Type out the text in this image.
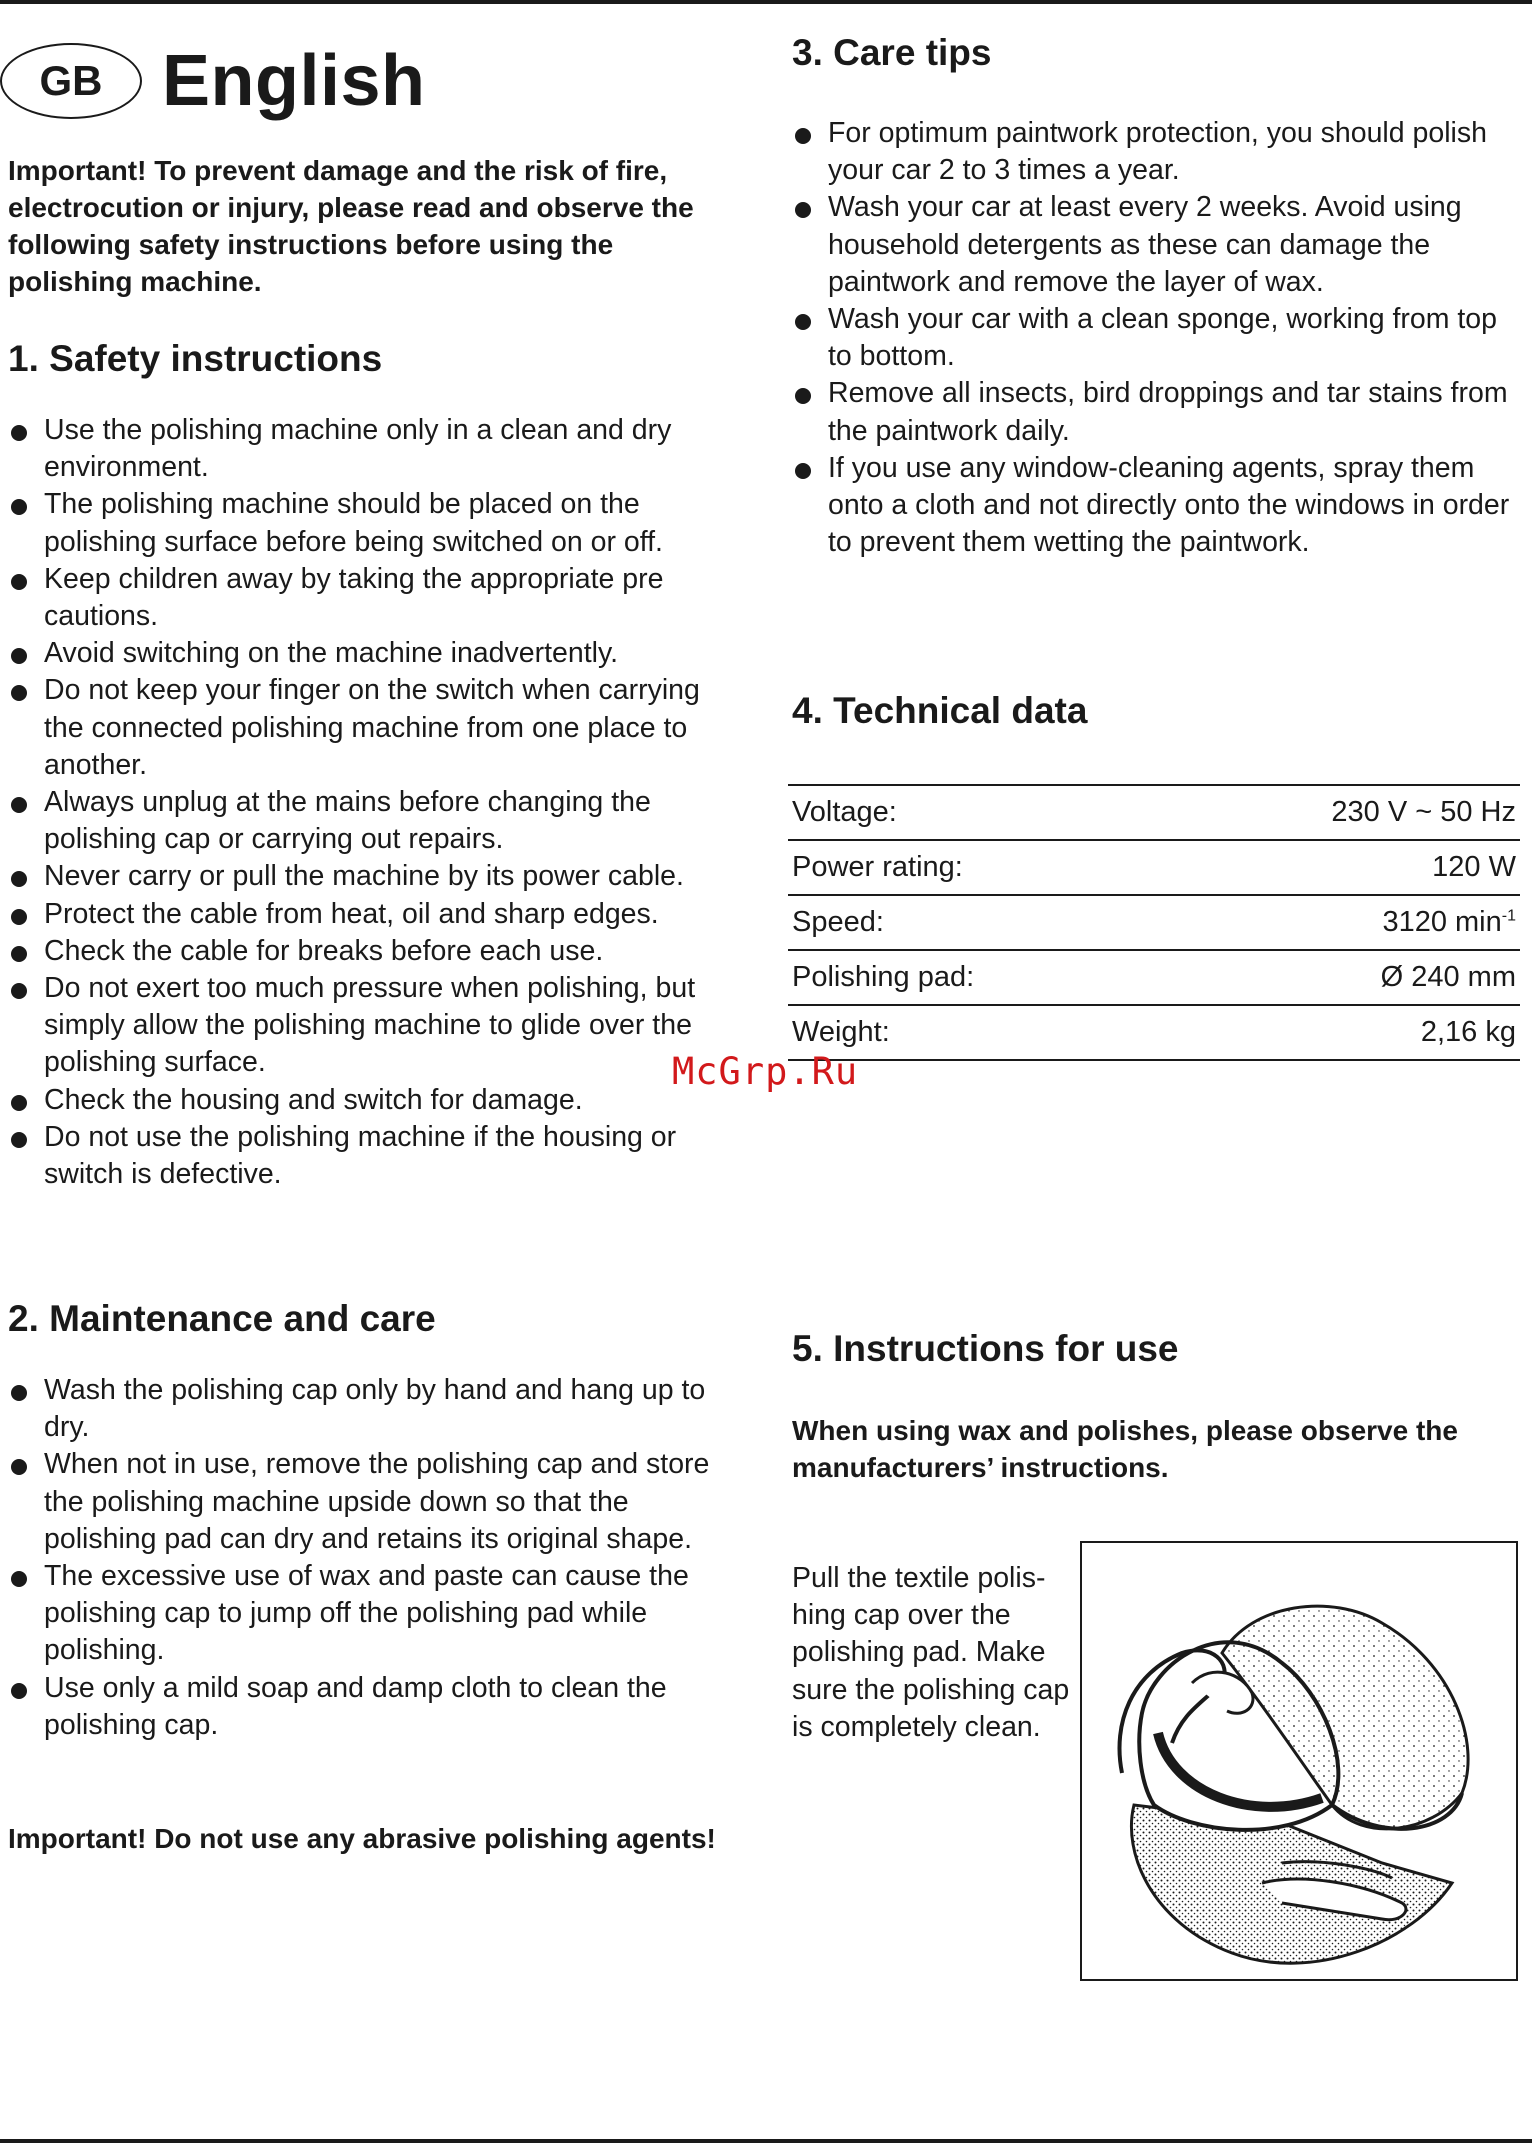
GB English
Important! To prevent damage and the risk of fire, electrocution or injury, please read and observe the following safety instructions before using the polishing machine.
1. Safety instructions
Use the polishing machine only in a clean and dry environment.
The polishing machine should be placed on the polishing surface before being switched on or off.
Keep children away by taking the appropriate pre cautions.
Avoid switching on the machine inadvertently.
Do not keep your finger on the switch when carrying the connected polishing machine from one place to another.
Always unplug at the mains before changing the polishing cap or carrying out repairs.
Never carry or pull the machine by its power cable.
Protect the cable from heat, oil and sharp edges.
Check the cable for breaks before each use.
Do not exert too much pressure when polishing, but simply allow the polishing machine to glide over the polishing surface.
Check the housing and switch for damage.
Do not use the polishing machine if the housing or switch is defective.
2. Maintenance and care
Wash the polishing cap only by hand and hang up to dry.
When not in use, remove the polishing cap and store the polishing machine upside down so that the polishing pad can dry and retains its original shape.
The excessive use of wax and paste can cause the polishing cap to jump off the polishing pad while polishing.
Use only a mild soap and damp cloth to clean the polishing cap.
Important! Do not use any abrasive polishing agents!
3. Care tips
For optimum paintwork protection, you should polish your car 2 to 3 times a year.
Wash your car at least every 2 weeks. Avoid using household detergents as these can damage the paintwork and remove the layer of wax.
Wash your car with a clean sponge, working from top to bottom.
Remove all insects, bird droppings and tar stains from the paintwork daily.
If you use any window-cleaning agents, spray them onto a cloth and not directly onto the windows in order to prevent them wetting the paintwork.
4. Technical data
Voltage:	230 V ~ 50 Hz
Power rating:	120 W
Speed:	3120 $\min^{-1}$
Polishing pad:	Ø 240 mm
Weight:	2,16 kg
5. Instructions for use
When using wax and polishes, please observe the manufacturers’ instructions.
Pull the textile polis- hing cap over the polishing pad. Make sure the polishing cap is completely clean.
McGrp.Ru
